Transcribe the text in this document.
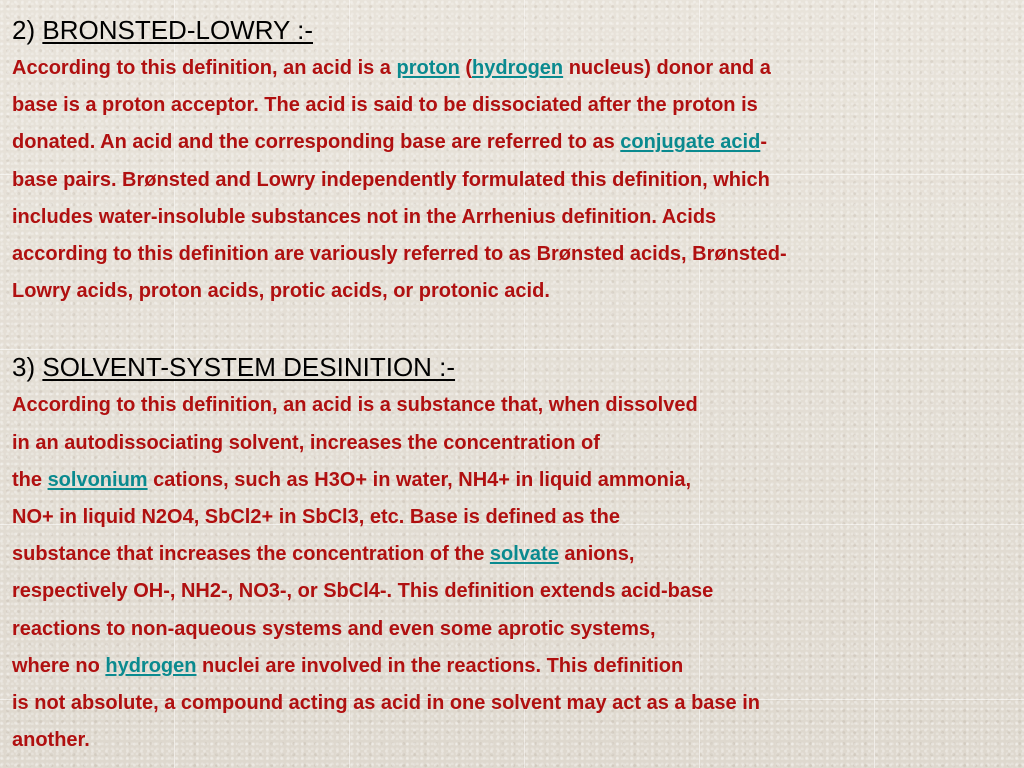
2) BRONSTED-LOWRY :-

According to this definition, an acid is a proton (hydrogen nucleus) donor and a
base is a proton acceptor. The acid is said to be dissociated after the proton is
donated. An acid and the corresponding base are referred to as conjugate acid-
base pairs. Brønsted and Lowry independently formulated this definition, which
includes water-insoluble substances not in the Arrhenius definition. Acids
according to this definition are variously referred to as Brønsted acids, Brønsted-
Lowry acids, proton acids, protic acids, or protonic acid.

3) SOLVENT-SYSTEM DESINITION :-

According to this definition, an acid is a substance that, when dissolved
in an autodissociating solvent, increases the concentration of
the solvonium cations, such as H3O+ in water, NH4+ in liquid ammonia,
NO+ in liquid N2O4, SbCl2+ in SbCl3, etc. Base is defined as the
substance that increases the concentration of the solvate anions,
respectively OH-, NH2-, NO3-, or SbCl4-. This definition extends acid-base
reactions to non-aqueous systems and even some aprotic systems,
where no hydrogen nuclei are involved in the reactions. This definition
is not absolute, a compound acting as acid in one solvent may act as a base in
another.
